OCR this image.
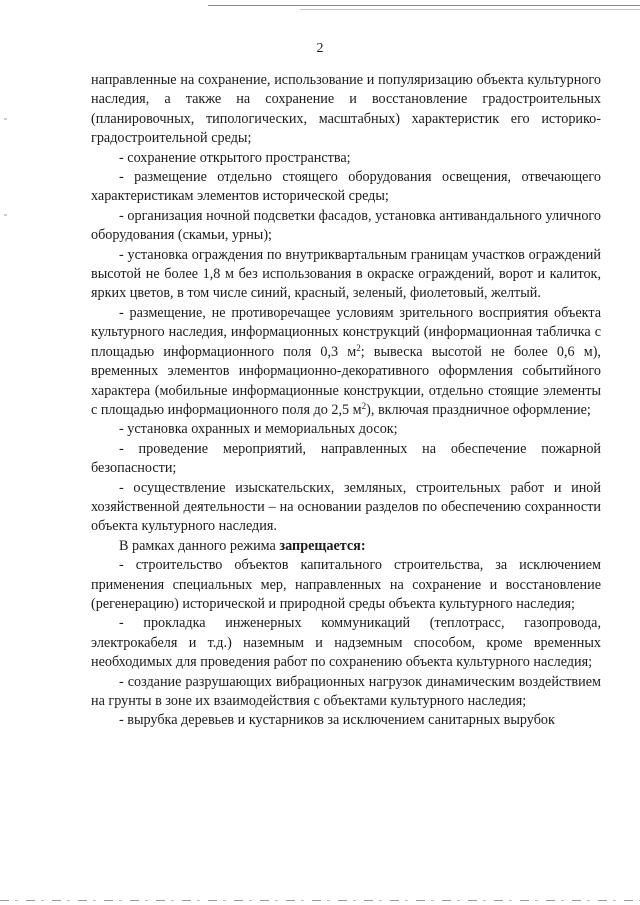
2

направленные на сохранение, использование и популяризацию объекта культурного наследия, а также на сохранение и восстановление градостроительных (планировочных, типологических, масштабных) характеристик его историко-градостроительной среды;

- сохранение открытого пространства;

- размещение отдельно стоящего оборудования освещения, отвечающего характеристикам элементов исторической среды;

- организация ночной подсветки фасадов, установка антивандального уличного оборудования (скамьи, урны);

- установка ограждения по внутриквартальным границам участков ограждений высотой не более 1,8 м без использования в окраске ограждений, ворот и калиток, ярких цветов, в том числе синий, красный, зеленый, фиолетовый, желтый.

- размещение, не противоречащее условиям зрительного восприятия объекта культурного наследия, информационных конструкций (информационная табличка с площадью информационного поля 0,3 $м^2$; вывеска высотой не более 0,6 м), временных элементов информационно-декоративного оформления событийного характера (мобильные информационные конструкции, отдельно стоящие элементы с площадью информационного поля до 2,5 $м^2$), включая праздничное оформление;

- установка охранных и мемориальных досок;

- проведение мероприятий, направленных на обеспечение пожарной безопасности;

- осуществление изыскательских, земляных, строительных работ и иной хозяйственной деятельности – на основании разделов по обеспечению сохранности объекта культурного наследия.

В рамках данного режима запрещается:

- строительство объектов капитального строительства, за исключением применения специальных мер, направленных на сохранение и восстановление (регенерацию) исторической и природной среды объекта культурного наследия;

- прокладка инженерных коммуникаций (теплотрасс, газопровода, электрокабеля и т.д.) наземным и надземным способом, кроме временных необходимых для проведения работ по сохранению объекта культурного наследия;

- создание разрушающих вибрационных нагрузок динамическим воздействием на грунты в зоне их взаимодействия с объектами культурного наследия;

- вырубка деревьев и кустарников за исключением санитарных вырубок
